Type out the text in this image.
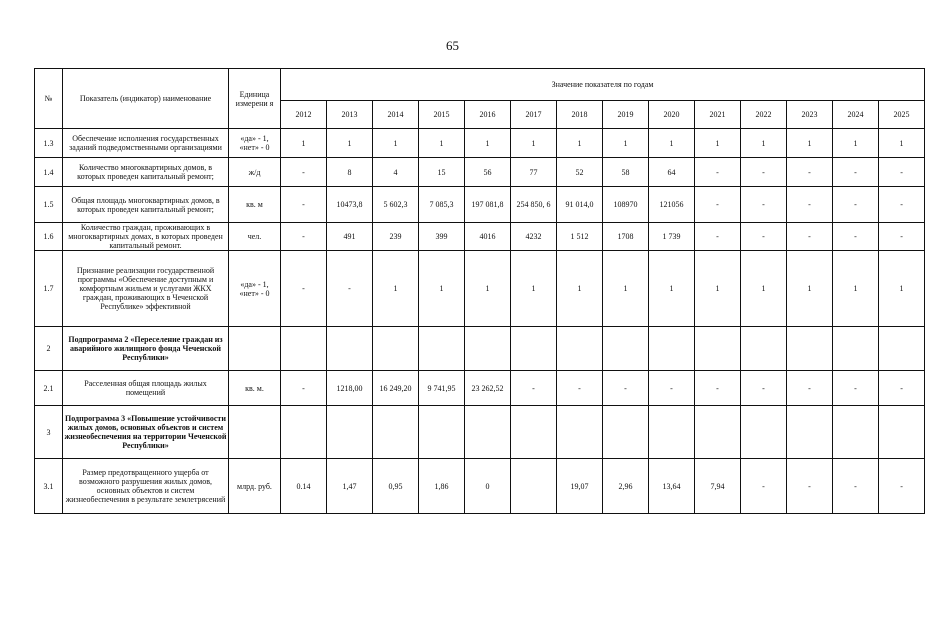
65
№	Показатель (индикатор) наименование	Единица измерени я	Значение показателя по годам													
			2012	2013	2014	2015	2016	2017	2018	2019	2020	2021	2022	2023	2024	2025
1.3	Обеспечение исполнения государственных заданий подведомственными организациями	«да» - 1, «нет» - 0	1	1	1	1	1	1	1	1	1	1	1	1	1	1
1.4	Количество многоквартирных домов, в которых проведен капитальный ремонт;	ж/д	-	8	4	15	56	77	52	58	64	-	-	-	-	-
1.5	Общая площадь многоквартирных домов, в которых проведен капитальный ремонт;	кв. м	-	10473,8	5 602,3	7 085,3	197 081,8	254 850, 6	91 014,0	108970	121056	-	-	-	-	-
1.6	Количество граждан, проживающих в многоквартирных домах, в которых проведен капитальный ремонт.	чел.	-	491	239	399	4016	4232	1 512	1708	1 739	-	-	-	-	-
1.7	Признание реализации государственной программы «Обеспечение доступным и комфортным жильем и услугами ЖКХ граждан, проживающих в Чеченской Республике» эффективной	«да» - 1, «нет» - 0	-	-	1	1	1	1	1	1	1	1	1	1	1	1
2	Подпрограмма 2 «Переселение граждан из аварийного жилищного фонда Чеченской Республики»															
2.1	Расселенная общая площадь жилых помещений	кв. м.	-	1218,00	16 249,20	9 741,95	23 262,52	-	-	-	-	-	-	-	-	-
3	Подпрограмма 3 «Повышение устойчивости жилых домов, основных объектов и систем жизнеобеспечения на территории Чеченской Республики»															
3.1	Размер предотвращенного ущерба от возможного разрушения жилых домов, основных объектов и систем жизнеобеспечения в результате землетрясений	млрд. руб.	0.14	1,47	0,95	1,86	0		19,07	2,96	13,64	7,94	-	-	-	-
